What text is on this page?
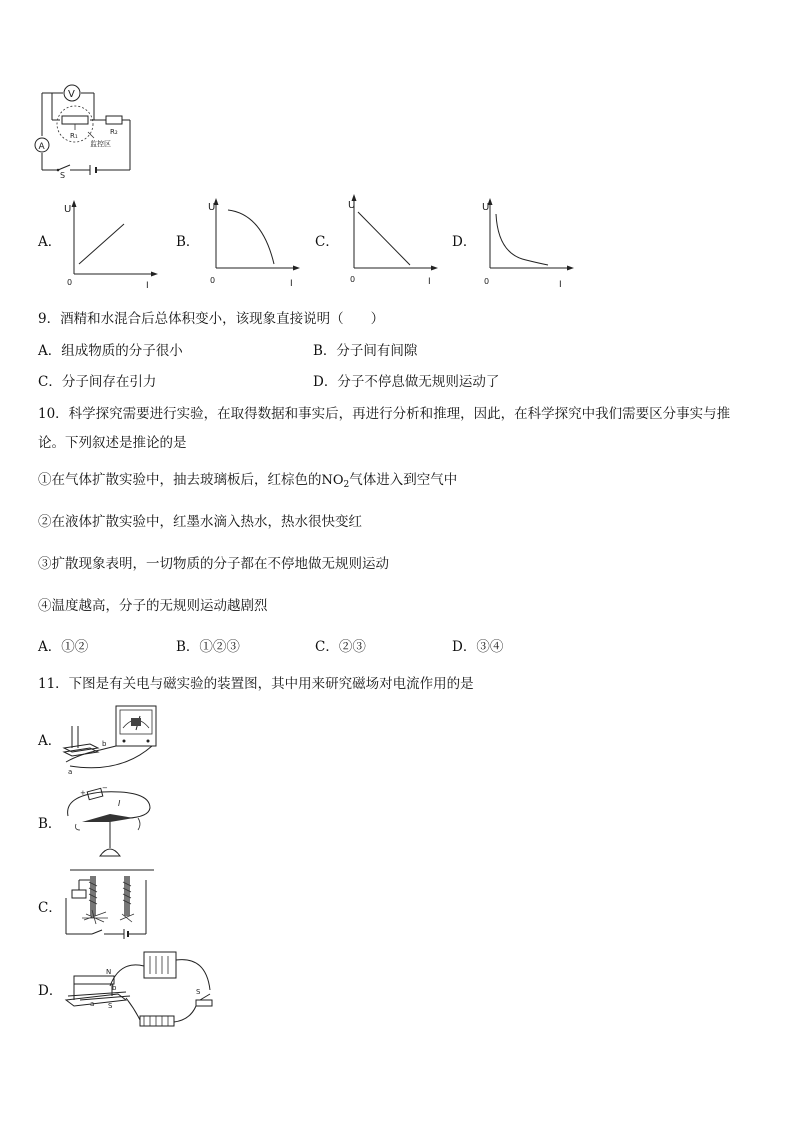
V
R₁
监控区
R₂
A
S
A．
U
0	I
B．
U
0	I
C．
U
0	I
D．
U
0	I
9．酒精和水混合后总体积变小，该现象直接说明（　　）
A．组成物质的分子很小	B．分子间有间隙
C．分子间存在引力	D．分子不停息做无规则运动了
10．科学探究需要进行实验，在取得数据和事实后，再进行分析和推理，因此，在科学探究中我们需要区分事实与推
论。下列叙述是推论的是
①在气体扩散实验中，抽去玻璃板后，红棕色的$NO_2$气体进入到空气中
②在液体扩散实验中，红墨水滴入热水，热水很快变红
③扩散现象表明，一切物质的分子都在不停地做无规则运动
④温度越高，分子的无规则运动越剧烈
A．①②	B．①②③	C．②③	D．③④
11．下图是有关电与磁实验的装置图，其中用来研究磁场对电流作用的是
A．	b
a
B．
+
−
I
C．
D．
N
S
a
b	S
